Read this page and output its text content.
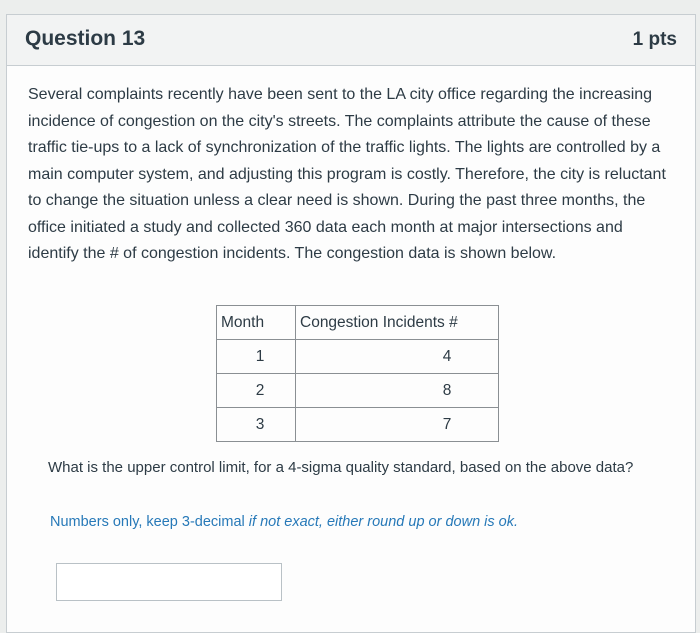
Question 13	1 pts

Several complaints recently have been sent to the LA city office regarding the increasing incidence of congestion on the city's streets. The complaints attribute the cause of these traffic tie-ups to a lack of synchronization of the traffic lights. The lights are controlled by a main computer system, and adjusting this program is costly. Therefore, the city is reluctant to change the situation unless a clear need is shown. During the past three months, the office initiated a study and collected 360 data each month at major intersections and identify the # of congestion incidents. The congestion data is shown below.

Month	Congestion Incidents #
1	4
2	8
3	7
What is the upper control limit, for a 4-sigma quality standard, based on the above data?
Numbers only, keep 3-decimal if not exact, either round up or down is ok.
